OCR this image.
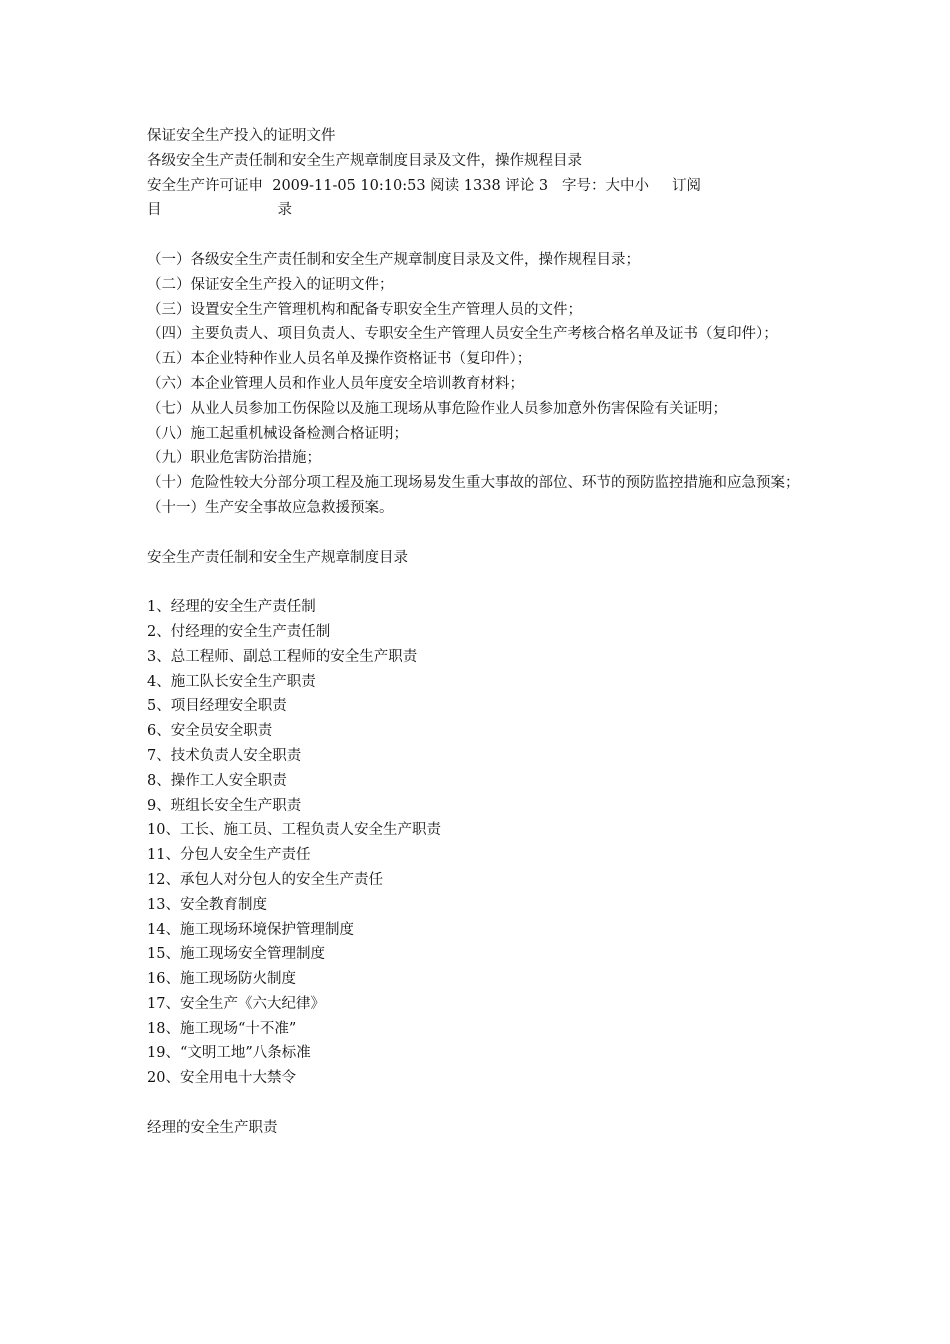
保证安全生产投入的证明文件
各级安全生产责任制和安全生产规章制度目录及文件，操作规程目录
安全生产许可证申  2009-11-05 10:10:53 阅读 1338 评论 3   字号：大中小     订阅
目	录
（一）各级安全生产责任制和安全生产规章制度目录及文件，操作规程目录；
（二）保证安全生产投入的证明文件；
（三）设置安全生产管理机构和配备专职安全生产管理人员的文件；
（四）主要负责人、项目负责人、专职安全生产管理人员安全生产考核合格名单及证书（复印件）；
（五）本企业特种作业人员名单及操作资格证书（复印件）；
（六）本企业管理人员和作业人员年度安全培训教育材料；
（七）从业人员参加工伤保险以及施工现场从事危险作业人员参加意外伤害保险有关证明；
（八）施工起重机械设备检测合格证明；
（九）职业危害防治措施；
（十）危险性较大分部分项工程及施工现场易发生重大事故的部位、环节的预防监控措施和应急预案；
（十一）生产安全事故应急救援预案。
安全生产责任制和安全生产规章制度目录
1、经理的安全生产责任制
2、付经理的安全生产责任制
3、总工程师、副总工程师的安全生产职责
4、施工队长安全生产职责
5、项目经理安全职责
6、安全员安全职责
7、技术负责人安全职责
8、操作工人安全职责
9、班组长安全生产职责
10、工长、施工员、工程负责人安全生产职责
11、分包人安全生产责任
12、承包人对分包人的安全生产责任
13、安全教育制度
14、施工现场环境保护管理制度
15、施工现场安全管理制度
16、施工现场防火制度
17、安全生产《六大纪律》
18、施工现场“十不准”
19、“文明工地”八条标准
20、安全用电十大禁令
经理的安全生产职责
